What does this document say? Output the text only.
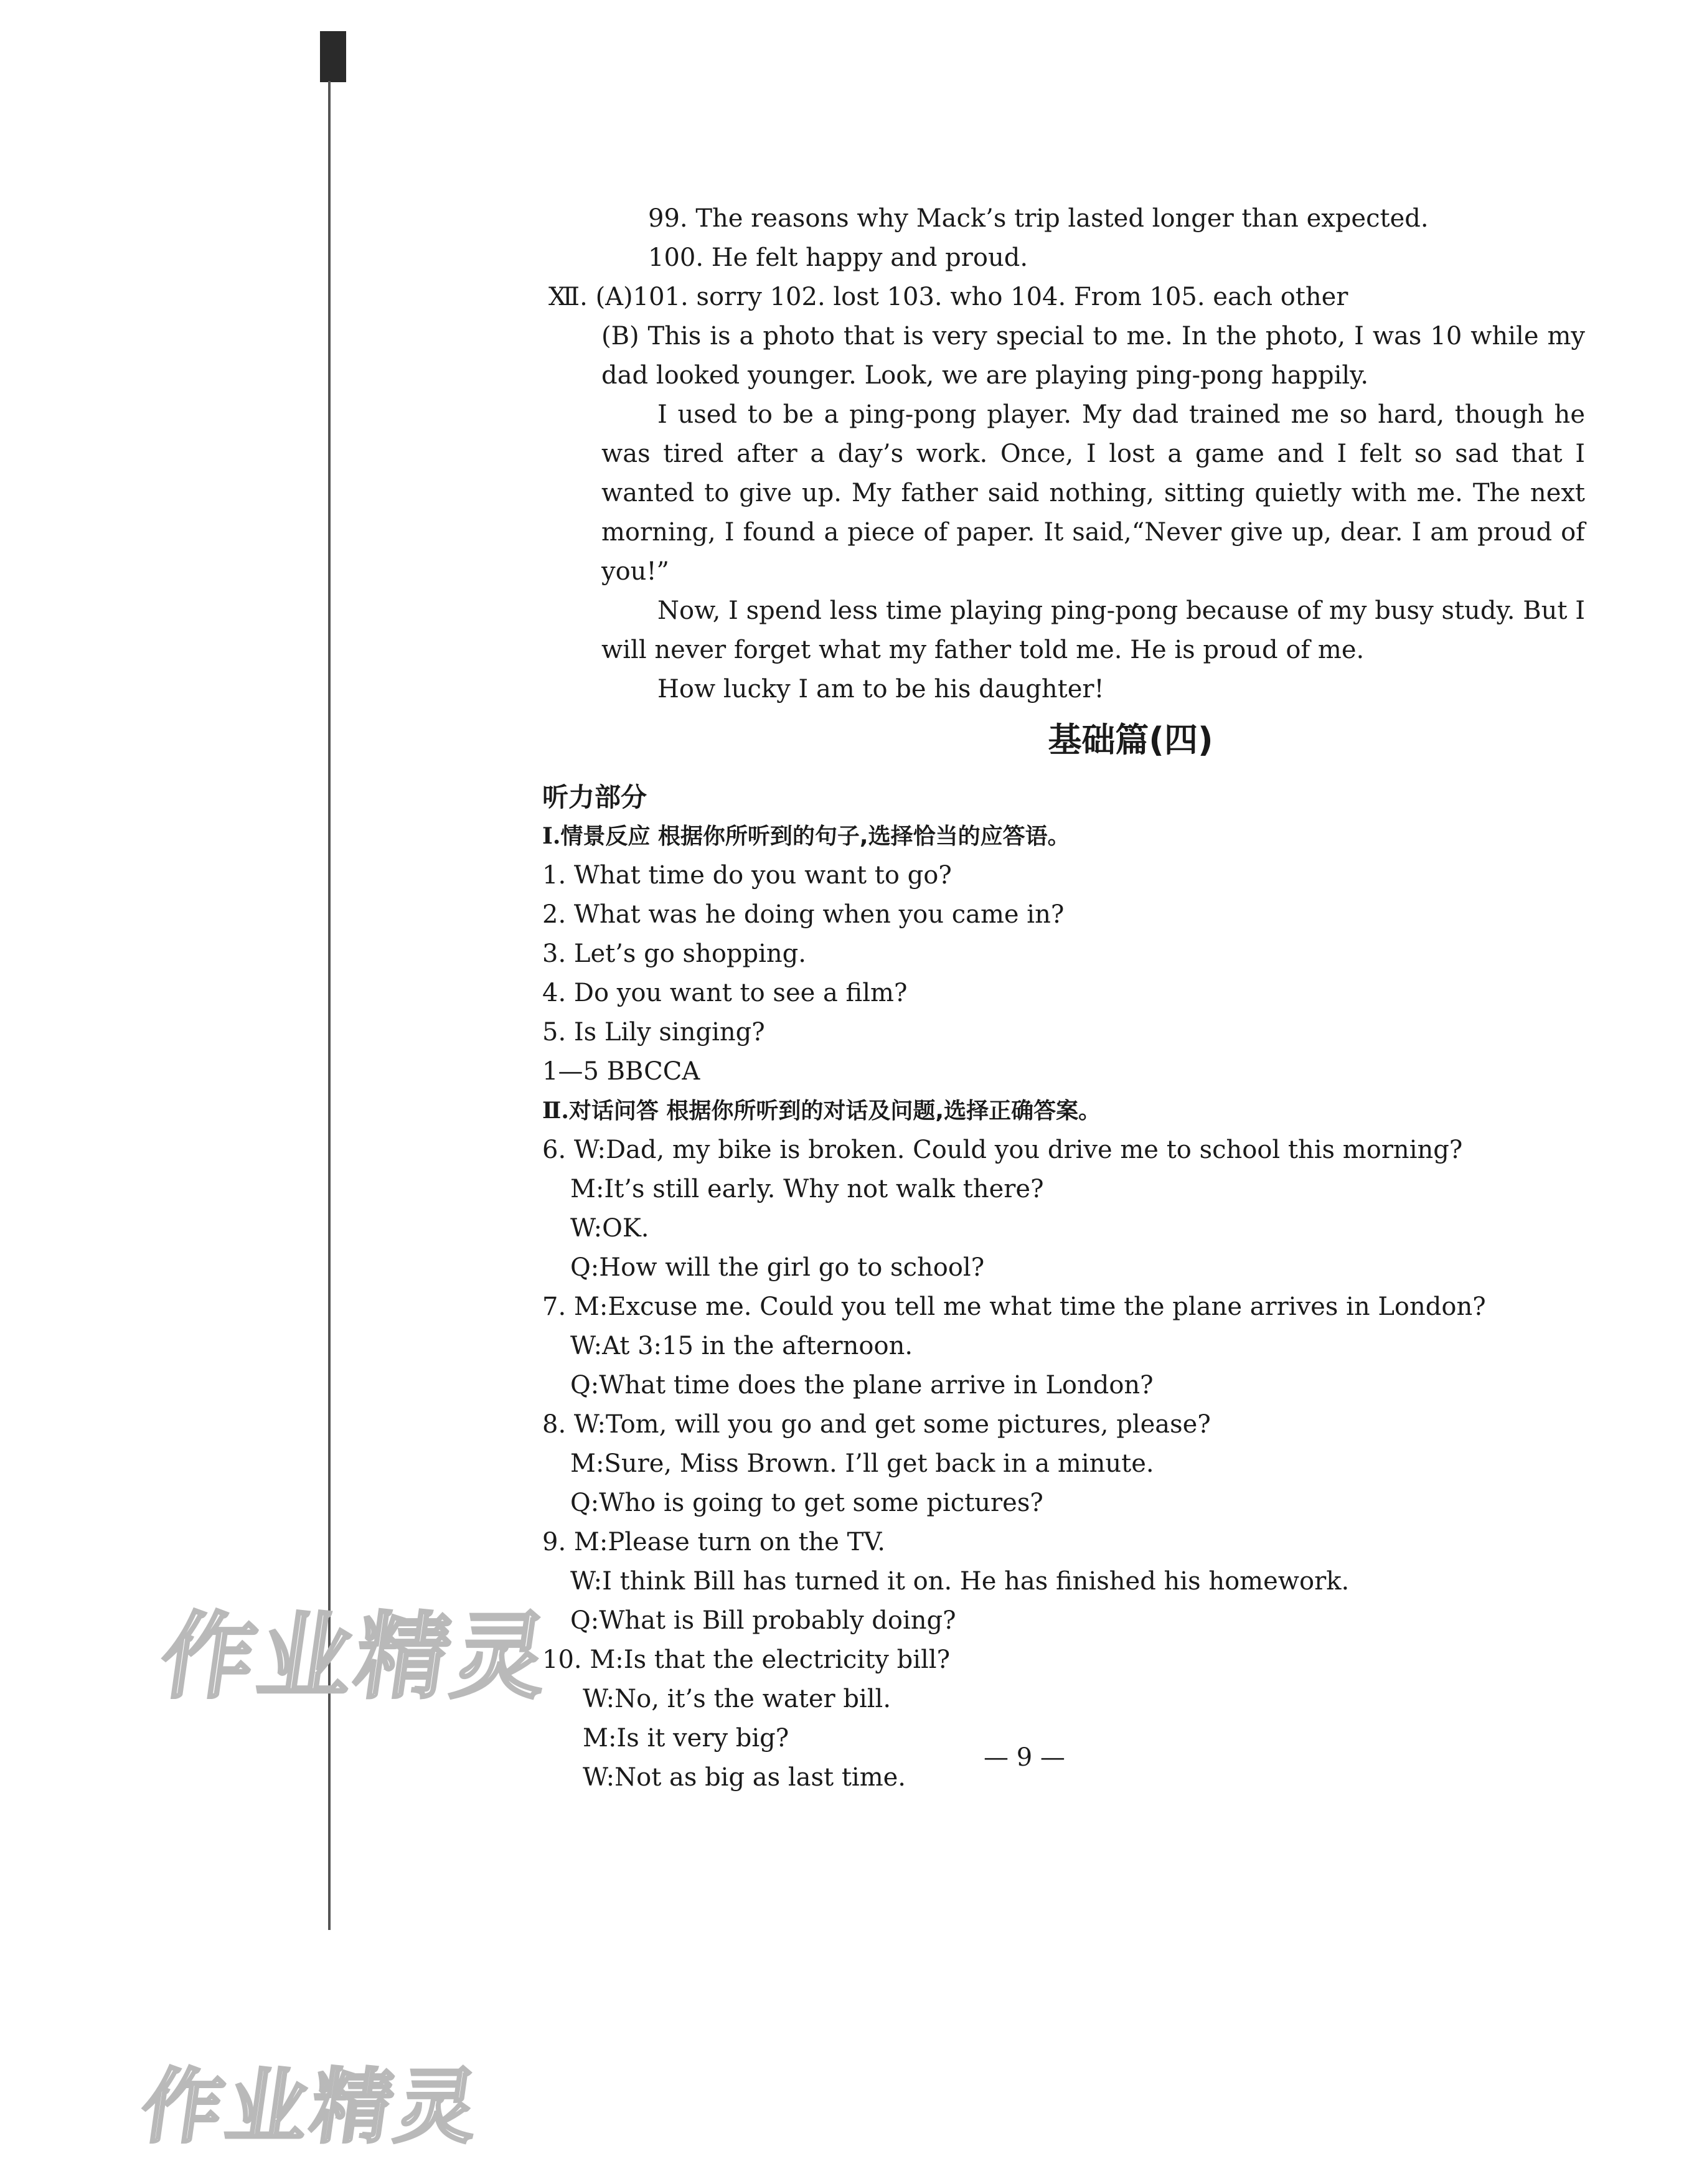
作业精灵
作业精灵

99. The reasons why Mack’s trip lasted longer than expected.

100. He felt happy and proud.

Ⅻ. (A)101. sorry 102. lost 103. who 104. From 105. each other

(B) This is a photo that is very special to me. In the photo, I was 10 while my dad looked younger. Look, we are playing ping-pong happily.

I used to be a ping-pong player. My dad trained me so hard, though he was tired after a day’s work. Once, I lost a game and I felt so sad that I wanted to give up. My father said nothing, sitting quietly with me. The next morning, I found a piece of paper. It said,“Never give up, dear. I am proud of you!”

Now, I spend less time playing ping-pong because of my busy study. But I will never forget what my father told me. He is proud of me.

How lucky I am to be his daughter!

基础篇(四)

听力部分

Ⅰ.情景反应 根据你所听到的句子,选择恰当的应答语。

1. What time do you want to go?

2. What was he doing when you came in?

3. Let’s go shopping.

4. Do you want to see a film?

5. Is Lily singing?

1—5 BBCCA

Ⅱ.对话问答 根据你所听到的对话及问题,选择正确答案。

6. W:Dad, my bike is broken. Could you drive me to school this morning?

M:It’s still early. Why not walk there?

W:OK.

Q:How will the girl go to school?

7. M:Excuse me. Could you tell me what time the plane arrives in London?

W:At 3:15 in the afternoon.

Q:What time does the plane arrive in London?

8. W:Tom, will you go and get some pictures, please?

M:Sure, Miss Brown. I’ll get back in a minute.

Q:Who is going to get some pictures?

9. M:Please turn on the TV.

W:I think Bill has turned it on. He has finished his homework.

Q:What is Bill probably doing?

10. M:Is that the electricity bill?

W:No, it’s the water bill.

M:Is it very big?

W:Not as big as last time.

— 9 —
